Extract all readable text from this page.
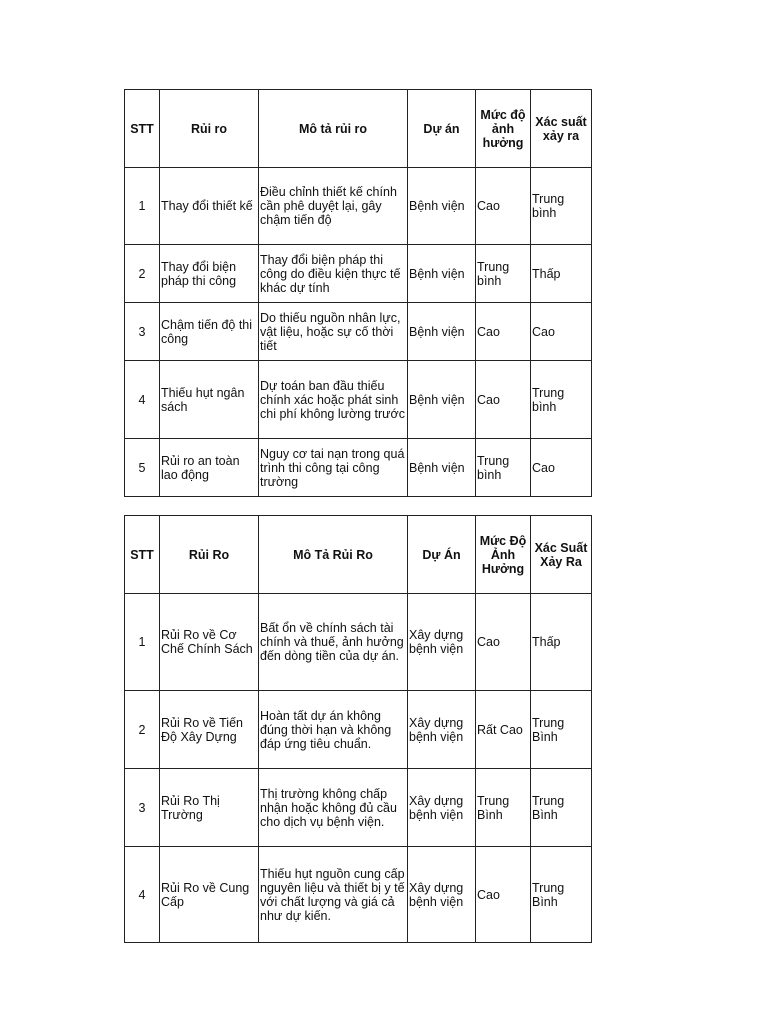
STT	Rủi ro	Mô tả rủi ro	Dự án	Mức độ ảnh hưởng	Xác suất xảy ra
1	Thay đổi thiết kế	Điều chỉnh thiết kế chính cần phê duyệt lại, gây chậm tiến độ	Bệnh viện	Cao	Trung bình
2	Thay đổi biện pháp thi công	Thay đổi biện pháp thi công do điều kiện thực tế khác dự tính	Bệnh viện	Trung bình	Thấp
3	Chậm tiến độ thi công	Do thiếu nguồn nhân lực, vật liệu, hoặc sự cố thời tiết	Bệnh viện	Cao	Cao
4	Thiếu hụt ngân sách	Dự toán ban đầu thiếu chính xác hoặc phát sinh chi phí không lường trước	Bệnh viện	Cao	Trung bình
5	Rủi ro an toàn lao động	Nguy cơ tai nạn trong quá trình thi công tại công trường	Bệnh viện	Trung bình	Cao
STT	Rủi Ro	Mô Tả Rủi Ro	Dự Án	Mức Độ Ảnh Hưởng	Xác Suất Xảy Ra
1	Rủi Ro về Cơ Chế Chính Sách	Bất ổn về chính sách tài chính và thuế, ảnh hưởng đến dòng tiền của dự án.	Xây dựng bệnh viện	Cao	Thấp
2	Rủi Ro về Tiến Độ Xây Dựng	Hoàn tất dự án không đúng thời hạn và không đáp ứng tiêu chuẩn.	Xây dựng bệnh viện	Rất Cao	Trung Bình
3	Rủi Ro Thị Trường	Thị trường không chấp nhận hoặc không đủ cầu cho dịch vụ bệnh viện.	Xây dựng bệnh viện	Trung Bình	Trung Bình
4	Rủi Ro về Cung Cấp	Thiếu hụt nguồn cung cấp nguyên liệu và thiết bị y tế với chất lượng và giá cả như dự kiến.	Xây dựng bệnh viện	Cao	Trung Bình
